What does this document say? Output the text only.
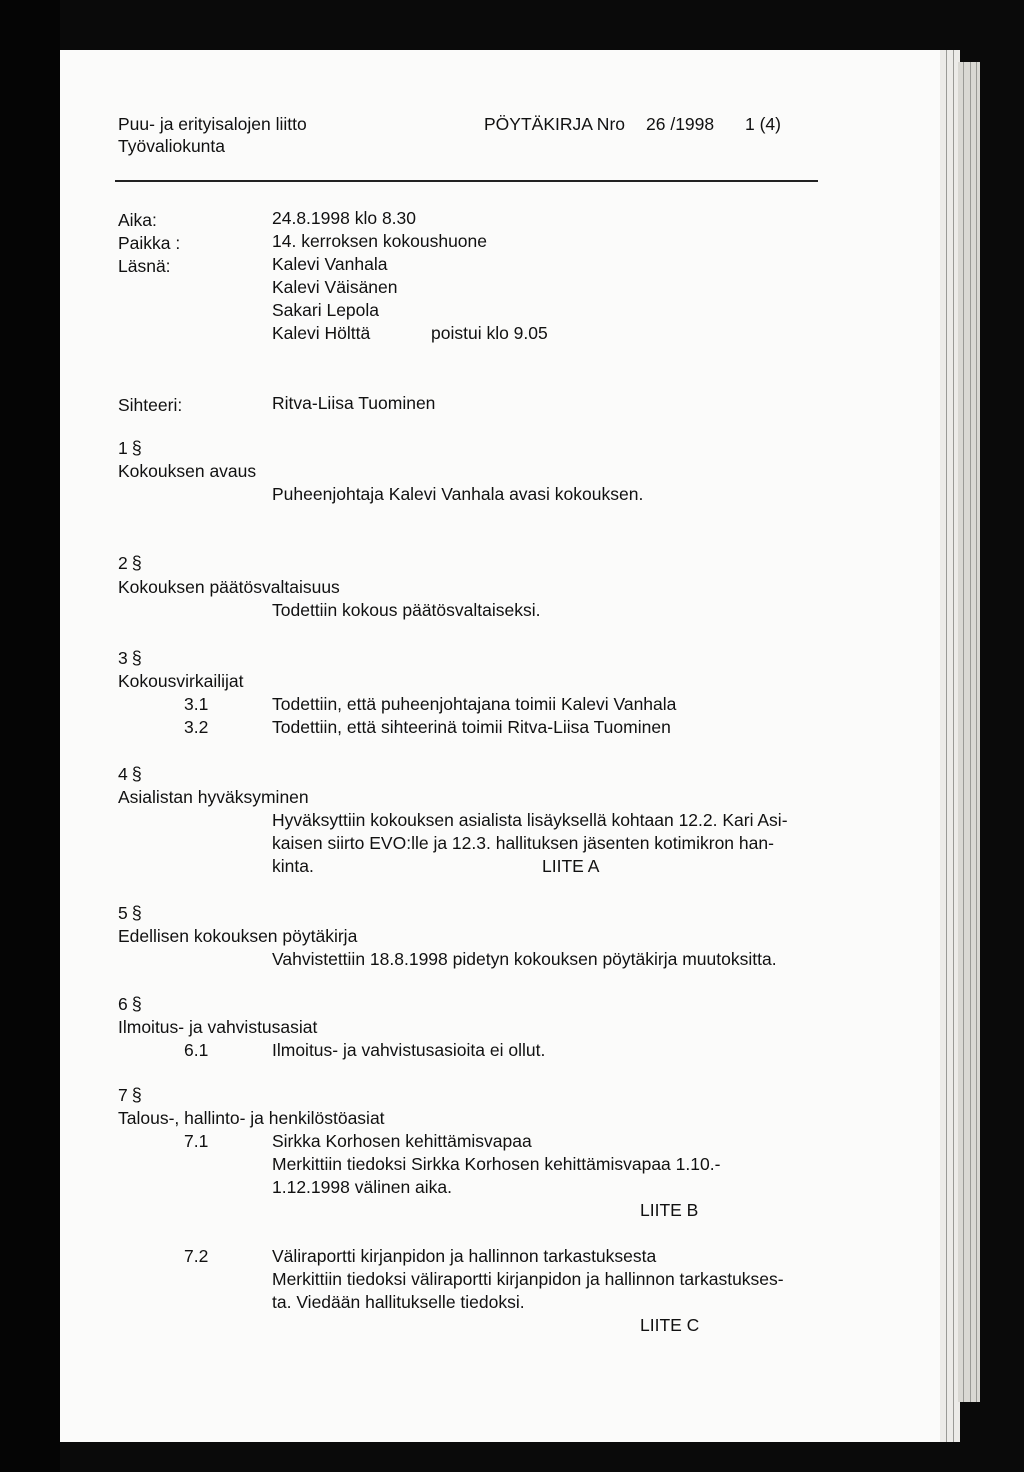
Puu- ja erityisalojen liitto

Työvaliokunta

PÖYTÄKIRJA Nro 26 /1998 1 (4)

Aika:	24.8.1998 klo 8.30

Paikka :	14. kerroksen kokoushuone

Läsnä:	Kalevi Vanhala

Kalevi Väisänen

Sakari Lepola

Kalevi Hölttä	poistui klo 9.05

Sihteeri:	Ritva-Liisa Tuominen

1 §

Kokouksen avaus

Puheenjohtaja Kalevi Vanhala avasi kokouksen.

2 §

Kokouksen päätösvaltaisuus

Todettiin kokous päätösvaltaiseksi.

3 §

Kokousvirkailijat

3.1	Todettiin, että puheenjohtajana toimii Kalevi Vanhala

3.2	Todettiin, että sihteerinä toimii Ritva-Liisa Tuominen

4 §

Asialistan hyväksyminen

Hyväksyttiin kokouksen asialista lisäyksellä kohtaan 12.2. Kari Asi-

kaisen siirto EVO:lle ja 12.3. hallituksen jäsenten kotimikron han-

kinta.	LIITE A

5 §

Edellisen kokouksen pöytäkirja

Vahvistettiin 18.8.1998 pidetyn kokouksen pöytäkirja muutoksitta.

6 §

Ilmoitus- ja vahvistusasiat

6.1	Ilmoitus- ja vahvistusasioita ei ollut.

7 §

Talous-, hallinto- ja henkilöstöasiat

7.1	Sirkka Korhosen kehittämisvapaa

Merkittiin tiedoksi Sirkka Korhosen kehittämisvapaa 1.10.-

1.12.1998 välinen aika.

LIITE B

7.2	Väliraportti kirjanpidon ja hallinnon tarkastuksesta

Merkittiin tiedoksi väliraportti kirjanpidon ja hallinnon tarkastukses-

ta. Viedään hallitukselle tiedoksi.

LIITE C
